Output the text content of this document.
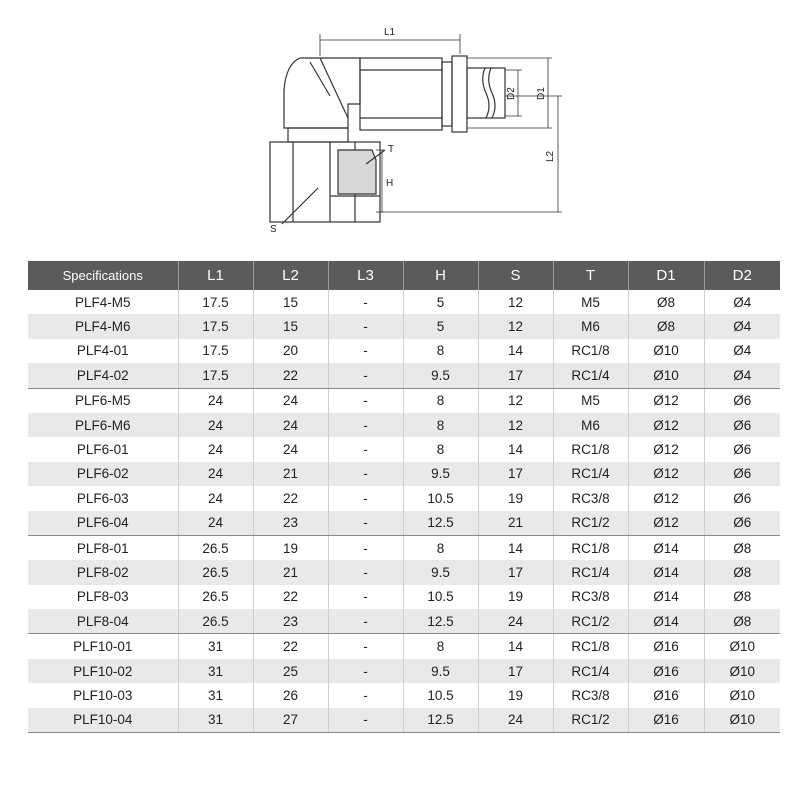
L1
D2 D1
L2
H
S
T
Specifications	L1	L2	L3	H	S	T	D1	D2
PLF4-M5	17.5	15	-	5	12	M5	Ø8	Ø4
PLF4-M6	17.5	15	-	5	12	M6	Ø8	Ø4
PLF4-01	17.5	20	-	8	14	RC1/8	Ø10	Ø4
PLF4-02	17.5	22	-	9.5	17	RC1/4	Ø10	Ø4
PLF6-M5	24	24	-	8	12	M5	Ø12	Ø6
PLF6-M6	24	24	-	8	12	M6	Ø12	Ø6
PLF6-01	24	24	-	8	14	RC1/8	Ø12	Ø6
PLF6-02	24	21	-	9.5	17	RC1/4	Ø12	Ø6
PLF6-03	24	22	-	10.5	19	RC3/8	Ø12	Ø6
PLF6-04	24	23	-	12.5	21	RC1/2	Ø12	Ø6
PLF8-01	26.5	19	-	8	14	RC1/8	Ø14	Ø8
PLF8-02	26.5	21	-	9.5	17	RC1/4	Ø14	Ø8
PLF8-03	26.5	22	-	10.5	19	RC3/8	Ø14	Ø8
PLF8-04	26.5	23	-	12.5	24	RC1/2	Ø14	Ø8
PLF10-01	31	22	-	8	14	RC1/8	Ø16	Ø10
PLF10-02	31	25	-	9.5	17	RC1/4	Ø16	Ø10
PLF10-03	31	26	-	10.5	19	RC3/8	Ø16	Ø10
PLF10-04	31	27	-	12.5	24	RC1/2	Ø16	Ø10
